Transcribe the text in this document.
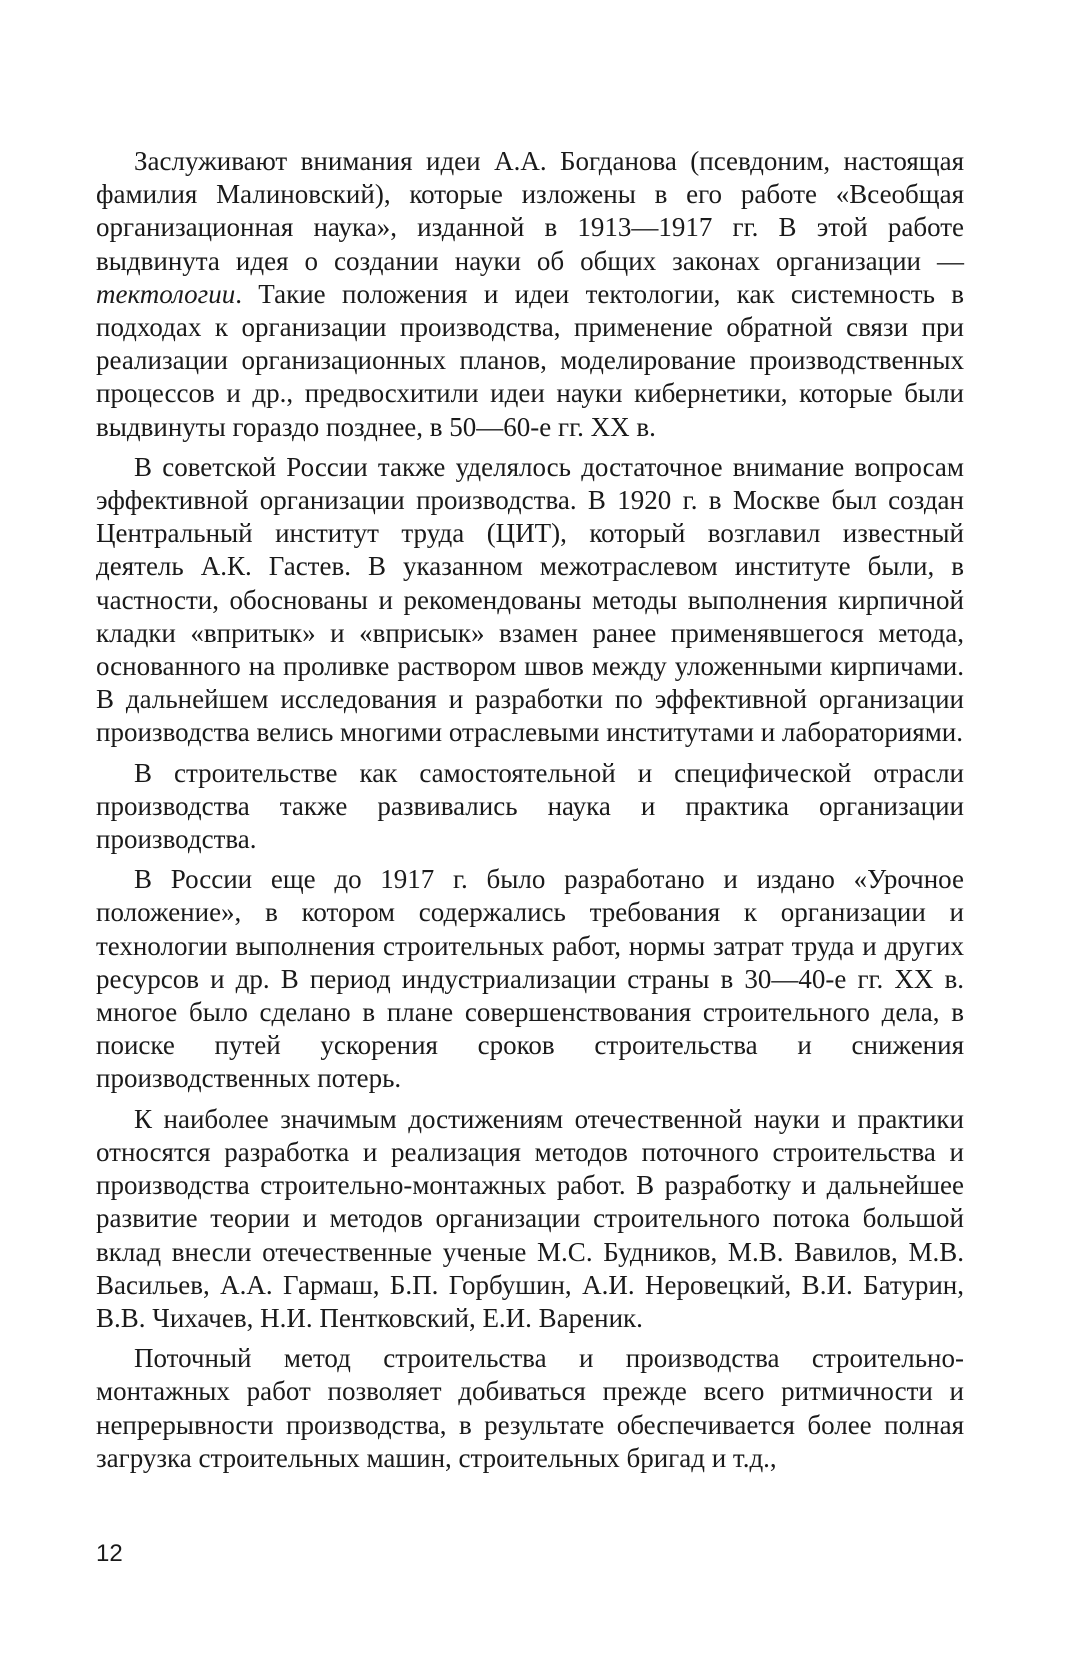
Заслуживают внимания идеи А.А. Богданова (псевдоним, настоящая фамилия Малиновский), которые изложены в его работе «Всеобщая организационная наука», изданной в 1913—1917 гг. В этой работе выдвинута идея о создании науки об общих законах организации — тектологии. Такие положения и идеи тектологии, как системность в подходах к организации производства, применение обратной связи при реализации организационных планов, моделирование производственных процессов и др., предвосхитили идеи науки кибернетики, которые были выдвинуты гораздо позднее, в 50—60-е гг. XX в.

В советской России также уделялось достаточное внимание вопросам эффективной организации производства. В 1920 г. в Москве был создан Центральный институт труда (ЦИТ), который возглавил известный деятель А.К. Гастев. В указанном межотраслевом институте были, в частности, обоснованы и рекомендованы методы выполнения кирпичной кладки «впритык» и «вприсык» взамен ранее применявшегося метода, основанного на проливке раствором швов между уложенными кирпичами. В дальнейшем исследования и разработки по эффективной организации производства велись многими отраслевыми институтами и лабораториями.

В строительстве как самостоятельной и специфической отрасли производства также развивались наука и практика организации производства.

В России еще до 1917 г. было разработано и издано «Урочное положение», в котором содержались требования к организации и технологии выполнения строительных работ, нормы затрат труда и других ресурсов и др. В период индустриализации страны в 30—40-е гг. XX в. многое было сделано в плане совершенствования строительного дела, в поиске путей ускорения сроков строительства и снижения производственных потерь.

К наиболее значимым достижениям отечественной науки и практики относятся разработка и реализация методов поточного строительства и производства строительно-монтажных работ. В разработку и дальнейшее развитие теории и методов организации строительного потока большой вклад внесли отечественные ученые М.С. Будников, М.В. Вавилов, М.В. Васильев, А.А. Гармаш, Б.П. Горбушин, А.И. Неровецкий, В.И. Батурин, В.В. Чихачев, Н.И. Пентковский, Е.И. Вареник.

Поточный метод строительства и производства строительно-монтажных работ позволяет добиваться прежде всего ритмичности и непрерывности производства, в результате обеспечивается более полная загрузка строительных машин, строительных бригад и т.д.,

12
